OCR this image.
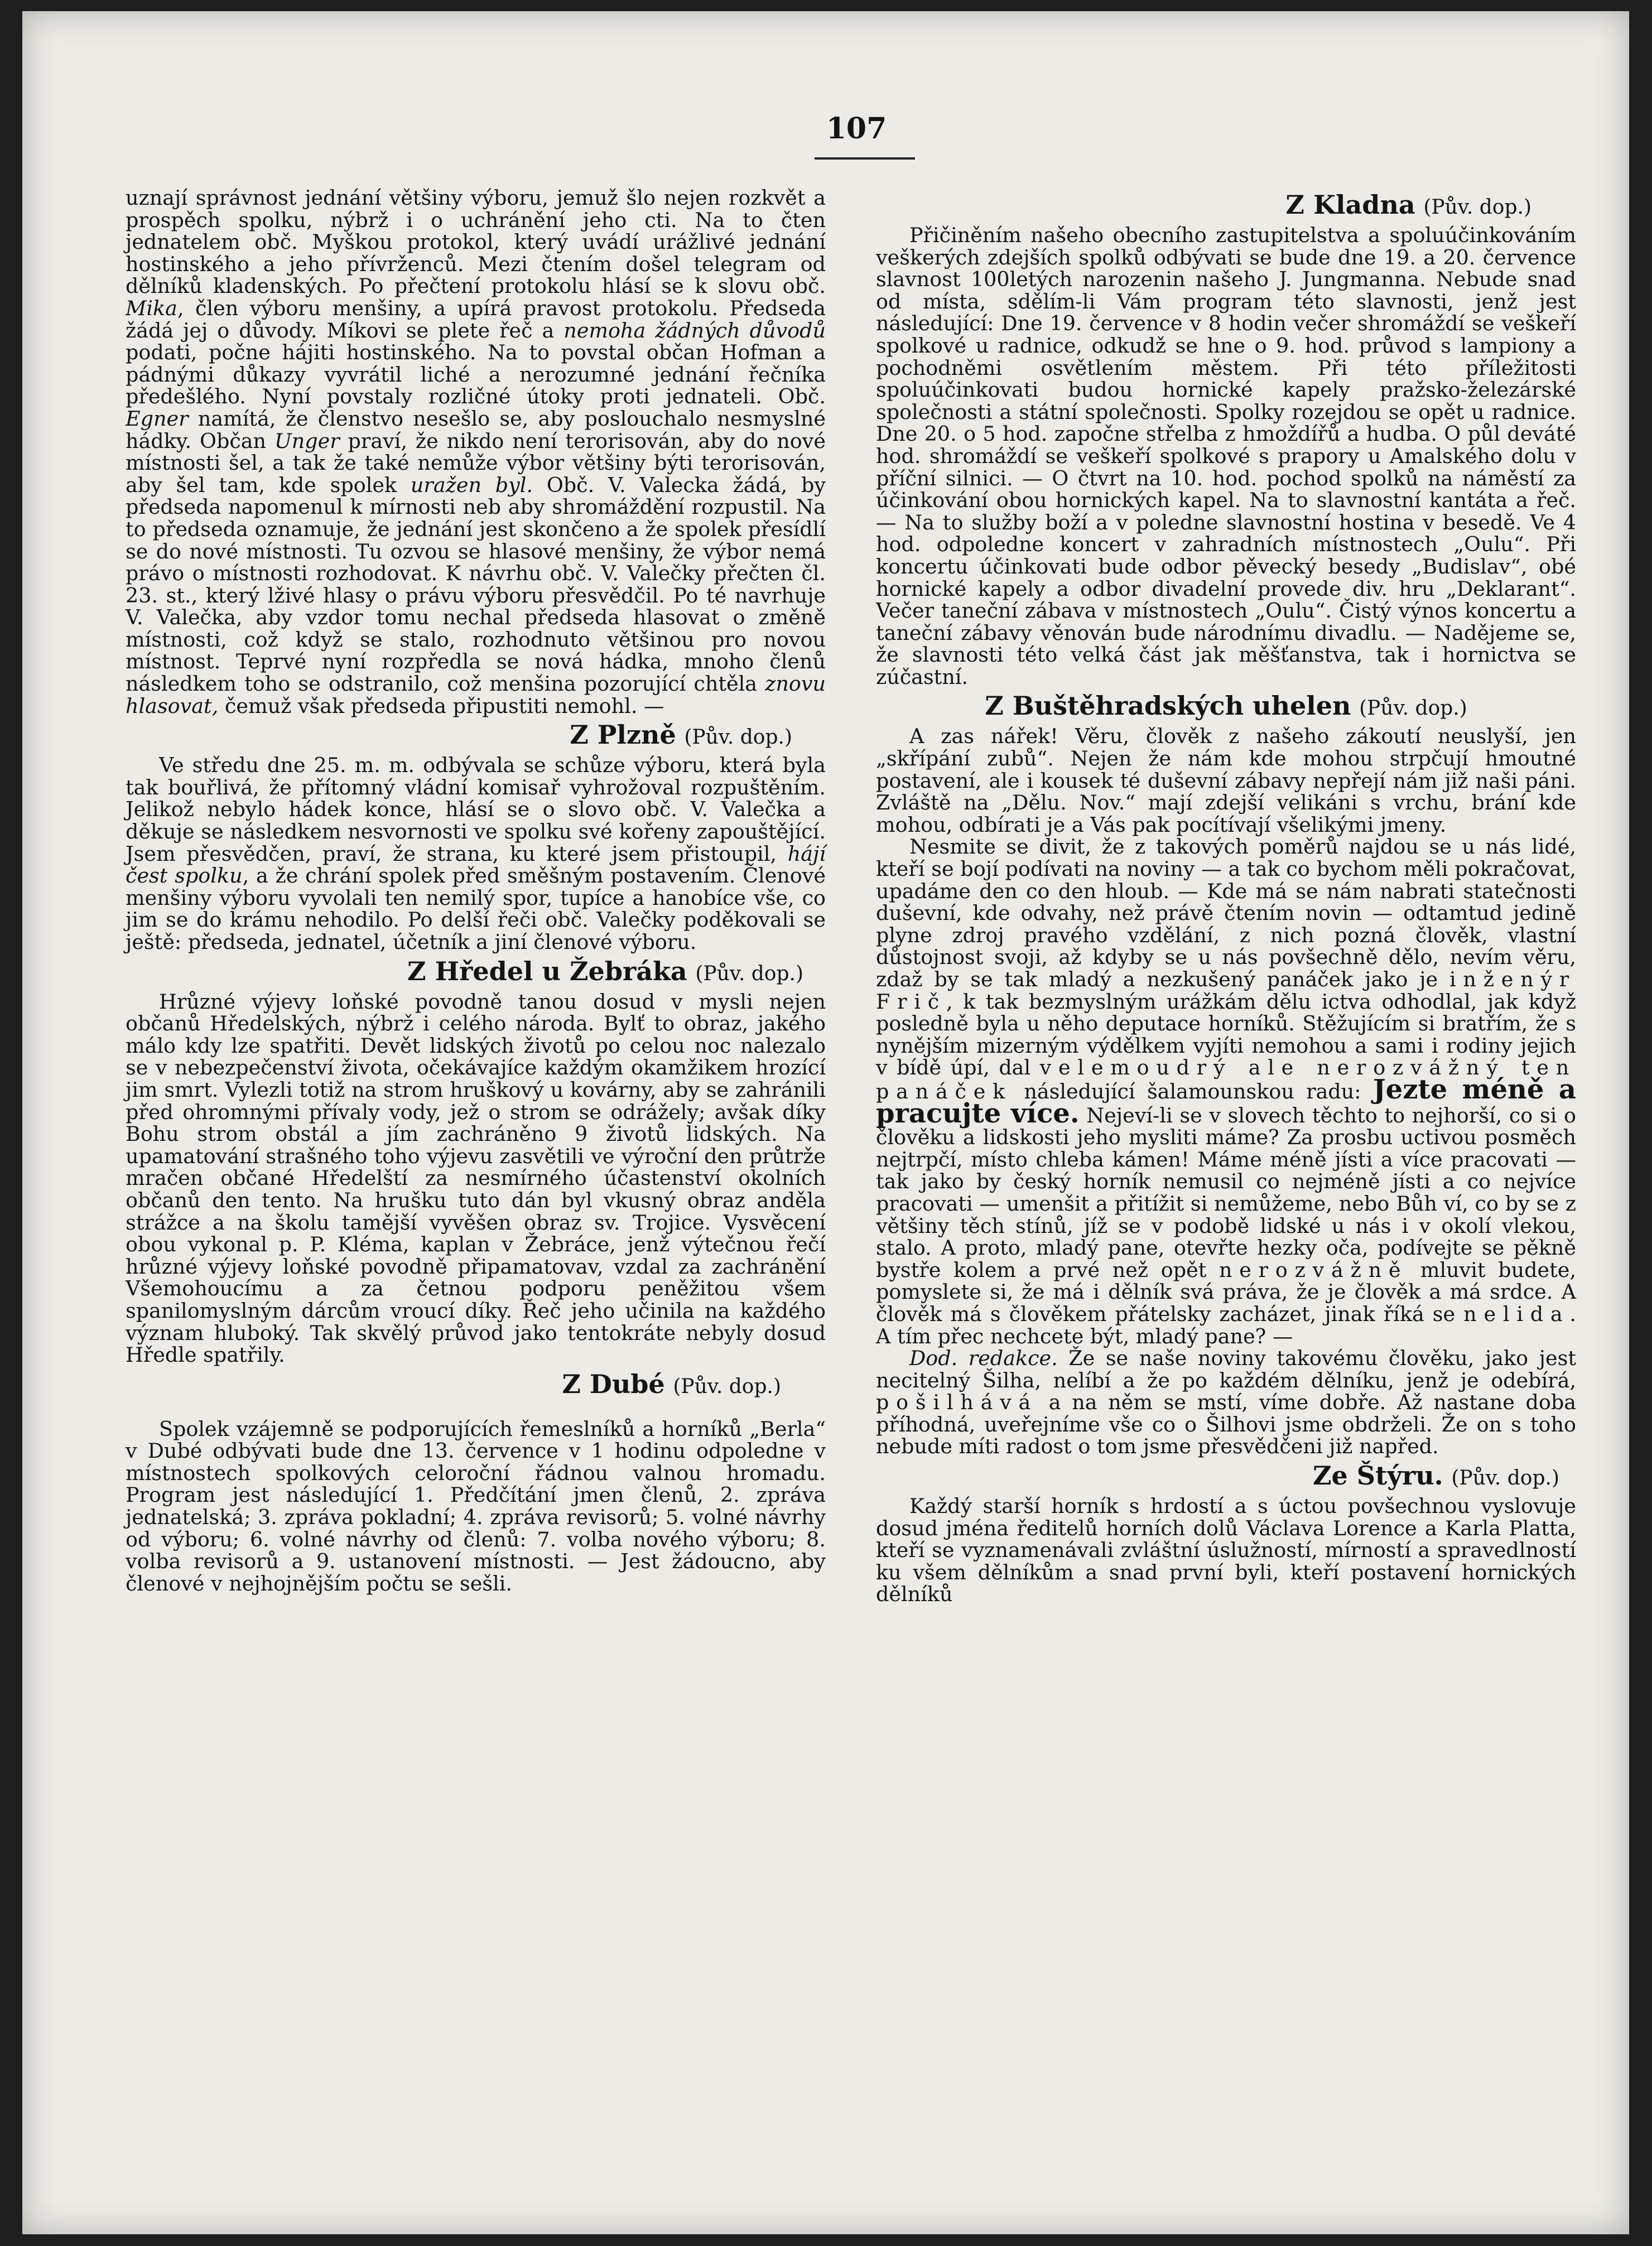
107

uznají správnost jednání většiny výboru, jemuž šlo nejen rozkvět a prospěch spolku, nýbrž i o uchránění jeho cti. Na to čten jednatelem obč. Myškou protokol, který uvádí urážlivé jednání hostinského a jeho přívrženců. Mezi čtením došel telegram od dělníků kladenských. Po přečtení protokolu hlásí se k slovu obč. Mika, člen výboru menšiny, a upírá pravost protokolu. Předseda žádá jej o důvody. Míkovi se plete řeč a nemoha žádných důvodů podati, počne hájiti hostinského. Na to povstal občan Hofman a pádnými důkazy vyvrátil liché a nerozumné jednání řečníka předešlého. Nyní povstaly rozličné útoky proti jednateli. Obč. Egner namítá, že členstvo nesešlo se, aby poslouchalo nesmyslné hádky. Občan Unger praví, že nikdo není terorisován, aby do nové místnosti šel, a tak že také nemůže výbor většiny býti terorisován, aby šel tam, kde spolek uražen byl. Obč. V. Valecka žádá, by předseda napomenul k mírnosti neb aby shromáždění rozpustil. Na to předseda oznamuje, že jednání jest skončeno a že spolek přesídlí se do nové místnosti. Tu ozvou se hlasové menšiny, že výbor nemá právo o místnosti rozhodovat. K návrhu obč. V. Valečky přečten čl. 23. st., který lživé hlasy o právu výboru přesvědčil. Po té navrhuje V. Valečka, aby vzdor tomu nechal předseda hlasovat o změně místnosti, což když se stalo, rozhodnuto většinou pro novou místnost. Teprvé nyní rozpředla se nová hádka, mnoho členů následkem toho se odstranilo, což menšina pozorující chtěla znovu hlasovat, čemuž však předseda připustiti nemohl. —

Z Plzně (Pův. dop.)

Ve středu dne 25. m. m. odbývala se schůze výboru, která byla tak bouřlivá, že přítomný vládní komisař vyhrožoval rozpuštěním. Jelikož nebylo hádek konce, hlásí se o slovo obč. V. Valečka a děkuje se následkem nesvornosti ve spolku své kořeny zapouštějící. Jsem přesvědčen, praví, že strana, ku které jsem přistoupil, hájí čest spolku, a že chrání spolek před směšným postavením. Členové menšiny výboru vyvolali ten nemilý spor, tupíce a hanobíce vše, co jim se do krámu nehodilo. Po delší řeči obč. Valečky poděkovali se ještě: předseda, jednatel, účetník a jiní členové výboru.

Z Hředel u Žebráka (Pův. dop.)

Hrůzné výjevy loňské povodně tanou dosud v mysli nejen občanů Hředelských, nýbrž i celého národa. Bylť to obraz, jakého málo kdy lze spatřiti. Devět lidských životů po celou noc nalezalo se v nebezpečenství života, očekávajíce každým okamžikem hrozící jim smrt. Vylezli totiž na strom hruškový u kovárny, aby se zahránili před ohromnými přívaly vody, jež o strom se odrážely; avšak díky Bohu strom obstál a jím zachráněno 9 životů lidských. Na upamatování strašného toho výjevu zasvětili ve výroční den průtrže mračen občané Hředelští za nesmírného účastenství okolních občanů den tento. Na hrušku tuto dán byl vkusný obraz anděla strážce a na školu tamější vyvěšen obraz sv. Trojice. Vysvěcení obou vykonal p. P. Kléma, kaplan v Žebráce, jenž výtečnou řečí hrůzné výjevy loňské povodně připamatovav, vzdal za zachránění Všemohoucímu a za četnou podporu peněžitou všem spanilomyslným dárcům vroucí díky. Řeč jeho učinila na každého význam hluboký. Tak skvělý průvod jako tentokráte nebyly dosud Hředle spatřily.

Z Dubé (Pův. dop.)

Spolek vzájemně se podporujících řemeslníků a horníků „Berla“ v Dubé odbývati bude dne 13. července v 1 hodinu odpoledne v místnostech spolkových celoroční řádnou valnou hromadu. Program jest následující 1. Předčítání jmen členů, 2. zpráva jednatelská; 3. zpráva pokladní; 4. zpráva revisorů; 5. volné návrhy od výboru; 6. volné návrhy od členů: 7. volba nového výboru; 8. volba revisorů a 9. ustanovení místnosti. — Jest žádoucno, aby členové v nejhojnějším počtu se sešli.

Z Kladna (Pův. dop.)

Přičiněním našeho obecního zastupitelstva a spoluúčinkováním veškerých zdejších spolků odbývati se bude dne 19. a 20. července slavnost 100letých narozenin našeho J. Jungmanna. Nebude snad od místa, sdělím-li Vám program této slavnosti, jenž jest následující: Dne 19. července v 8 hodin večer shromáždí se veškeří spolkové u radnice, odkudž se hne o 9. hod. průvod s lampiony a pochodněmi osvětlením městem. Při této příležitosti spoluúčinkovati budou hornické kapely pražsko-železárské společnosti a státní společnosti. Spolky rozejdou se opět u radnice. Dne 20. o 5 hod. započne střelba z hmoždířů a hudba. O půl deváté hod. shromáždí se veškeří spolkové s prapory u Amalského dolu v příční silnici. — O čtvrt na 10. hod. pochod spolků na náměstí za účinkování obou hornických kapel. Na to slavnostní kantáta a řeč. — Na to služby boží a v poledne slavnostní hostina v besedě. Ve 4 hod. odpoledne koncert v zahradních místnostech „Oulu“. Při koncertu účinkovati bude odbor pěvecký besedy „Budislav“, obé hornické kapely a odbor divadelní provede div. hru „Deklarant“. Večer taneční zábava v místnostech „Oulu“. Čistý výnos koncertu a taneční zábavy věnován bude národnímu divadlu. — Nadějeme se, že slavnosti této velká část jak měšťanstva, tak i hornictva se zúčastní.

Z Buštěhradských uhelen (Pův. dop.)

A zas nářek! Věru, člověk z našeho zákoutí neuslyší, jen „skřípání zubů“. Nejen že nám kde mohou strpčují hmoutné postavení, ale i kousek té duševní zábavy nepřejí nám již naši páni. Zvláště na „Dělu. Nov.“ mají zdejší velikáni s vrchu, brání kde mohou, odbírati je a Vás pak pocítívají všelikými jmeny.

Nesmite se divit, že z takových poměrů najdou se u nás lidé, kteří se bojí podívati na noviny — a tak co bychom měli pokračovat, upadáme den co den hloub. — Kde má se nám nabrati statečnosti duševní, kde odvahy, než právě čtením novin — odtamtud jedině plyne zdroj pravého vzdělání, z nich pozná člověk, vlastní důstojnost svoji, až kdyby se u nás povšechně dělo, nevím věru, zdaž by se tak mladý a nezkušený panáček jako je inženýr Frič, k tak bezmyslným urážkám dělu ictva odhodlal, jak když posledně byla u něho deputace horníků. Stěžujícím si bratřím, že s nynějším mizerným výdělkem vyjíti nemohou a sami i rodiny jejich v bídě úpí, dal velemoudrý ale nerozvážný ten panáček následující šalamounskou radu: Jezte méně a pracujte více. Nejeví-li se v slovech těchto to nejhorší, co si o člověku a lidskosti jeho mysliti máme? Za prosbu uctivou posměch nejtrpčí, místo chleba kámen! Máme méně jísti a více pracovati — tak jako by český horník nemusil co nejméně jísti a co nejvíce pracovati — umenšit a přitížit si nemůžeme, nebo Bůh ví, co by se z většiny těch stínů, jíž se v podobě lidské u nás i v okolí vlekou, stalo. A proto, mladý pane, otevřte hezky oča, podívejte se pěkně bystře kolem a prvé než opět nerozvážně mluvit budete, pomyslete si, že má i dělník svá práva, že je člověk a má srdce. A člověk má s člověkem přátelsky zacházet, jinak říká se nelida. A tím přec nechcete být, mladý pane? —

Dod. redakce. Že se naše noviny takovému člověku, jako jest necitelný Šilha, nelíbí a že po každém dělníku, jenž je odebírá, pošilhává a na něm se mstí, víme dobře. Až nastane doba příhodná, uveřejníme vše co o Šilhovi jsme obdrželi. Že on s toho nebude míti radost o tom jsme přesvědčeni již napřed.

Ze Štýru. (Pův. dop.)

Každý starší horník s hrdostí a s úctou povšechnou vyslovuje dosud jména ředitelů horních dolů Václava Lorence a Karla Platta, kteří se vyznamenávali zvláštní úslužností, mírností a spravedlností ku všem dělníkům a snad první byli, kteří postavení hornických dělníků
